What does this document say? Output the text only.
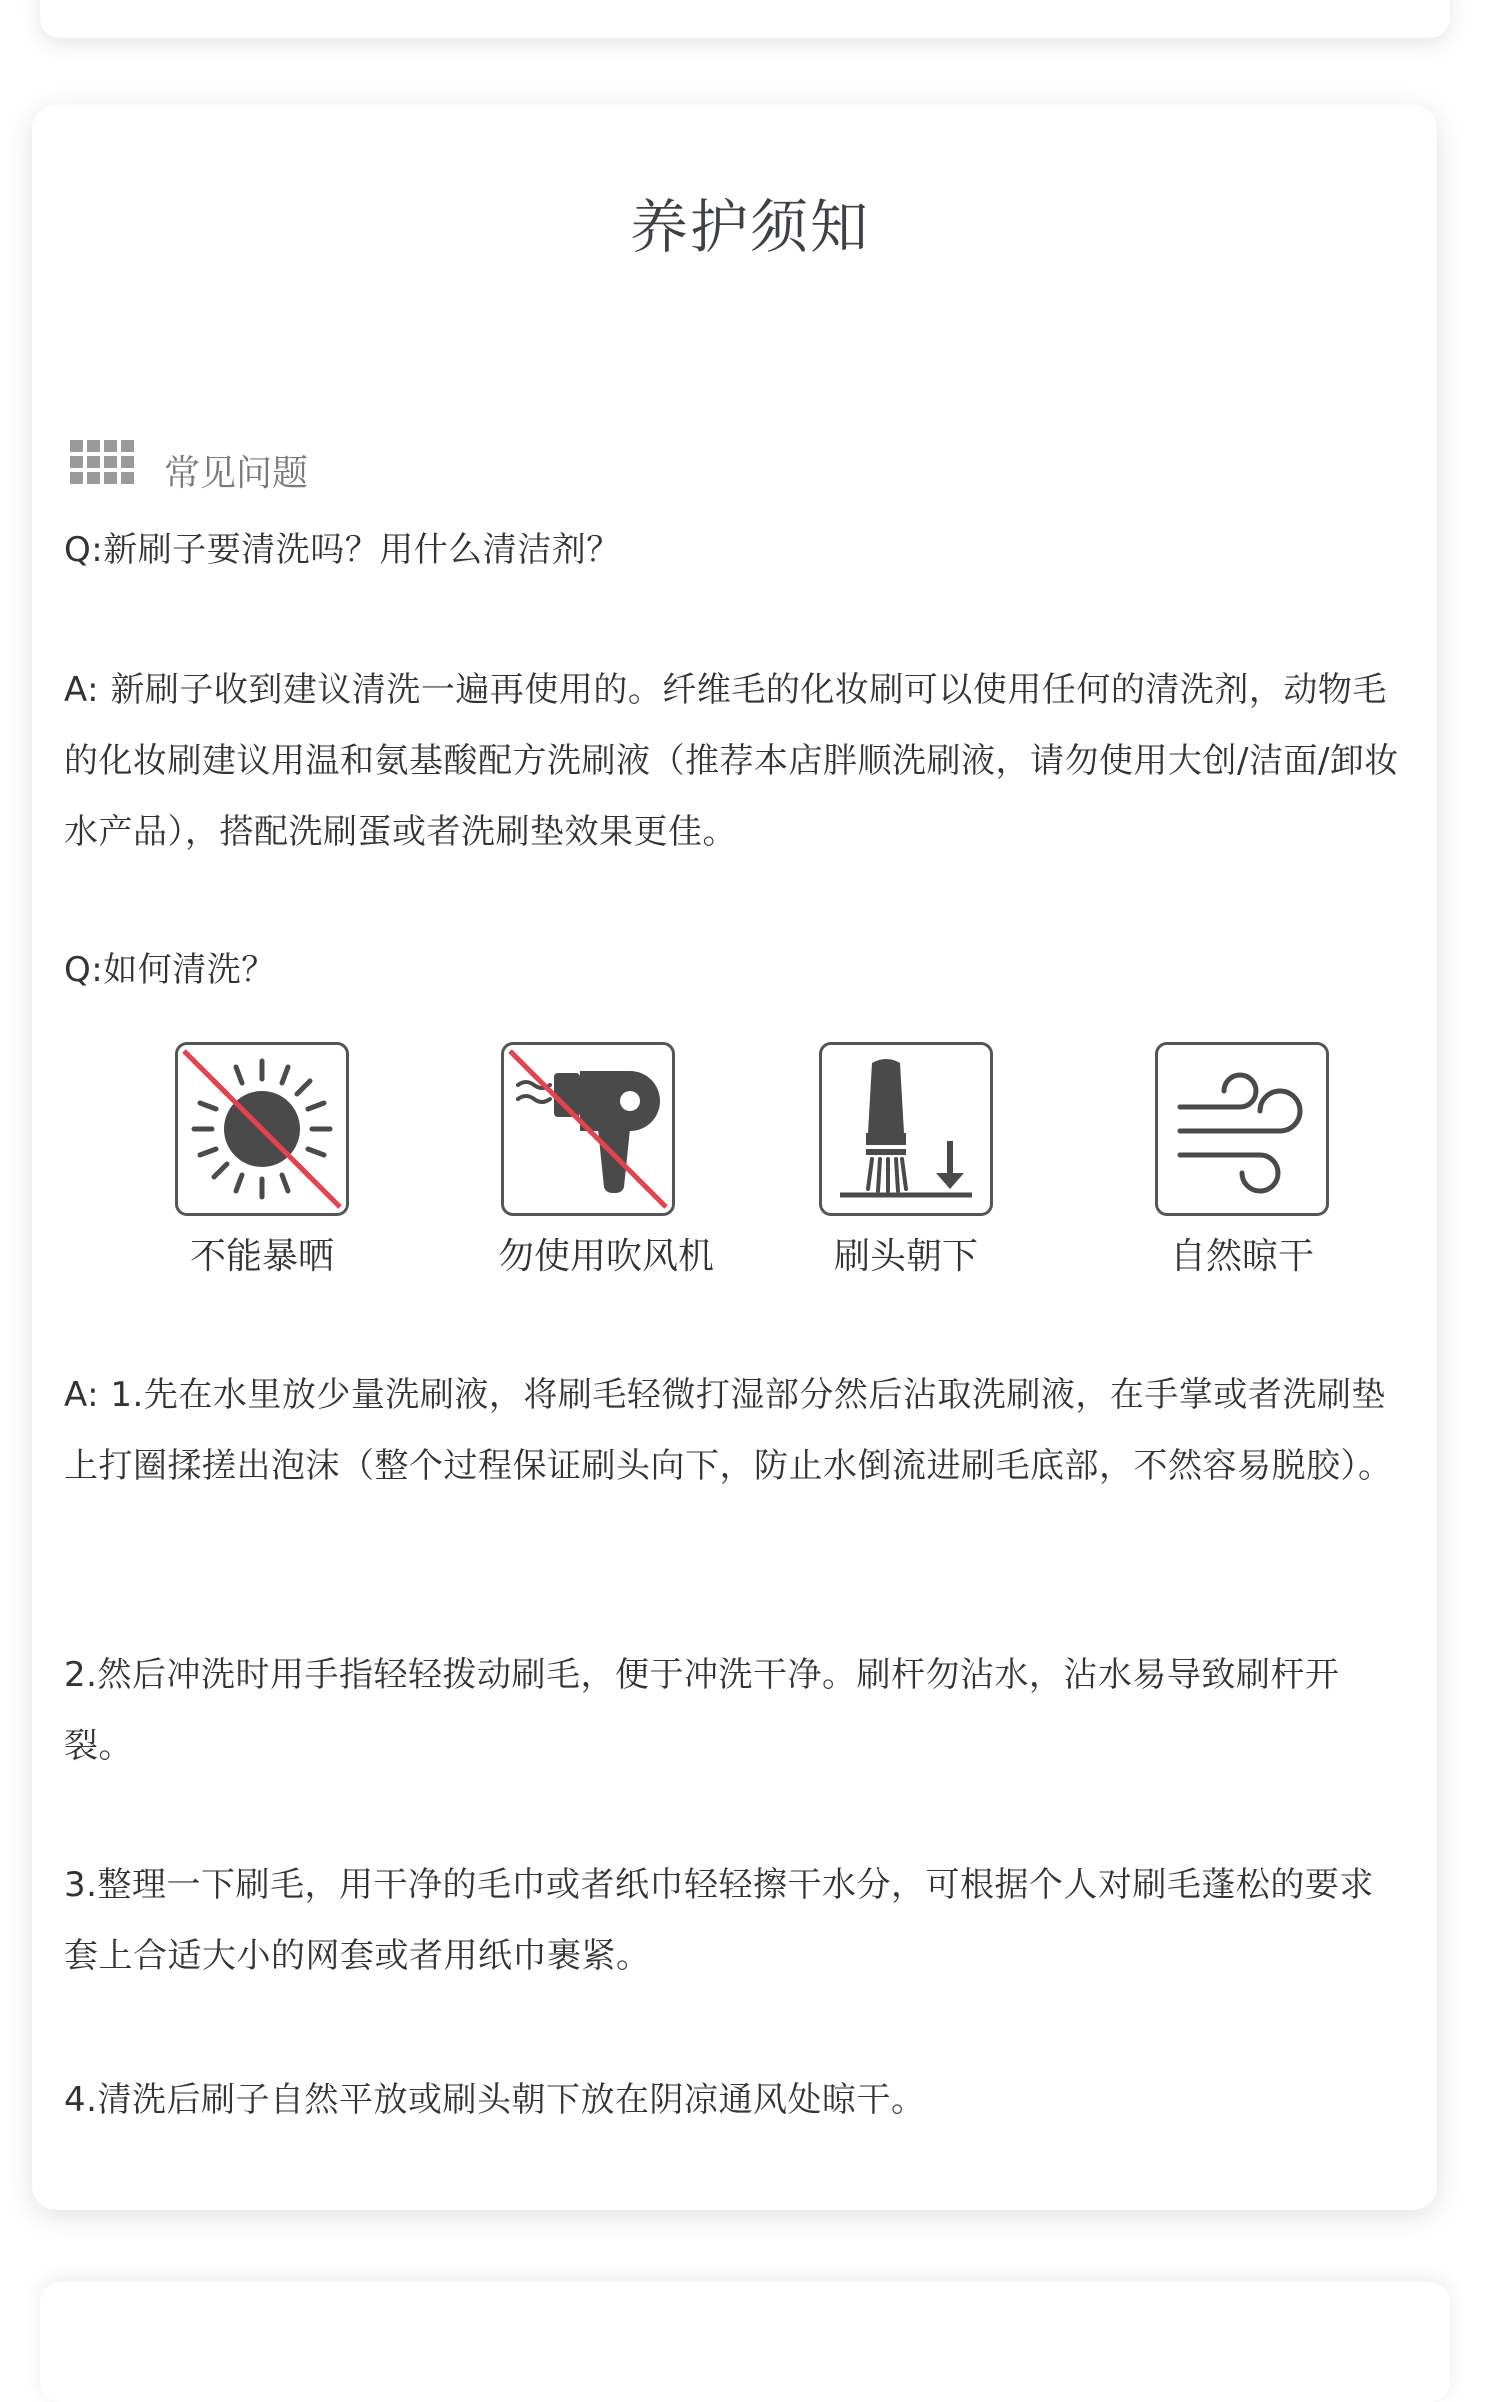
养护须知
常见问题
Q:新刷子要清洗吗？用什么清洁剂？
A: 新刷子收到建议清洗一遍再使用的。纤维毛的化妆刷可以使用任何的清洗剂，动物毛的化妆刷建议用温和氨基酸配方洗刷液（推荐本店胖顺洗刷液，请勿使用大创/洁面/卸妆水产品），搭配洗刷蛋或者洗刷垫效果更佳。
Q:如何清洗？
不能暴晒	勿使用吹风机	刷头朝下	自然晾干
A: 1.先在水里放少量洗刷液，将刷毛轻微打湿部分然后沾取洗刷液，在手掌或者洗刷垫上打圈揉搓出泡沫（整个过程保证刷头向下，防止水倒流进刷毛底部，不然容易脱胶）。
2.然后冲洗时用手指轻轻拨动刷毛，便于冲洗干净。刷杆勿沾水，沾水易导致刷杆开裂。
3.整理一下刷毛，用干净的毛巾或者纸巾轻轻擦干水分，可根据个人对刷毛蓬松的要求套上合适大小的网套或者用纸巾裹紧。
4.清洗后刷子自然平放或刷头朝下放在阴凉通风处晾干。
